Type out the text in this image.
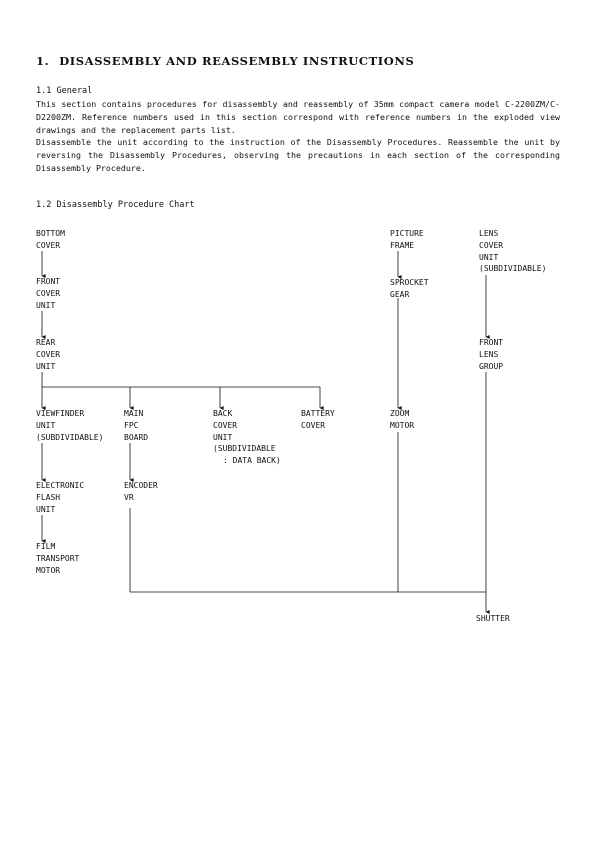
1. DISASSEMBLY AND REASSEMBLY INSTRUCTIONS
1.1 General

This section contains procedures for disassembly and reassembly of 35mm compact camera model C-2200ZM/C-D2200ZM. Reference numbers used in this section correspond with reference numbers in the exploded view drawings and the replacement parts list.

Disassemble the unit according to the instruction of the Disassembly Procedures. Reassemble the unit by reversing the Disassembly Procedures, observing the precautions in each section of the corresponding Disassembly Procedure.

1.2 Disassembly Procedure Chart
BOTTOM
COVER
FRONT
COVER
UNIT
REAR
COVER
UNIT
VIEWFINDER
UNIT
(SUBDIVIDABLE)
MAIN
FPC
BOARD
BACK
COVER
UNIT
(SUBDIVIDABLE
: DATA BACK)
BATTERY
COVER
ELECTRONIC
FLASH
UNIT
FILM
TRANSPORT
MOTOR
ENCODER
VR
PICTURE
FRAME
SPROCKET
GEAR
ZOOM
MOTOR
LENS
COVER
UNIT
(SUBDIVIDABLE)
FRONT
LENS
GROUP
SHUTTER
